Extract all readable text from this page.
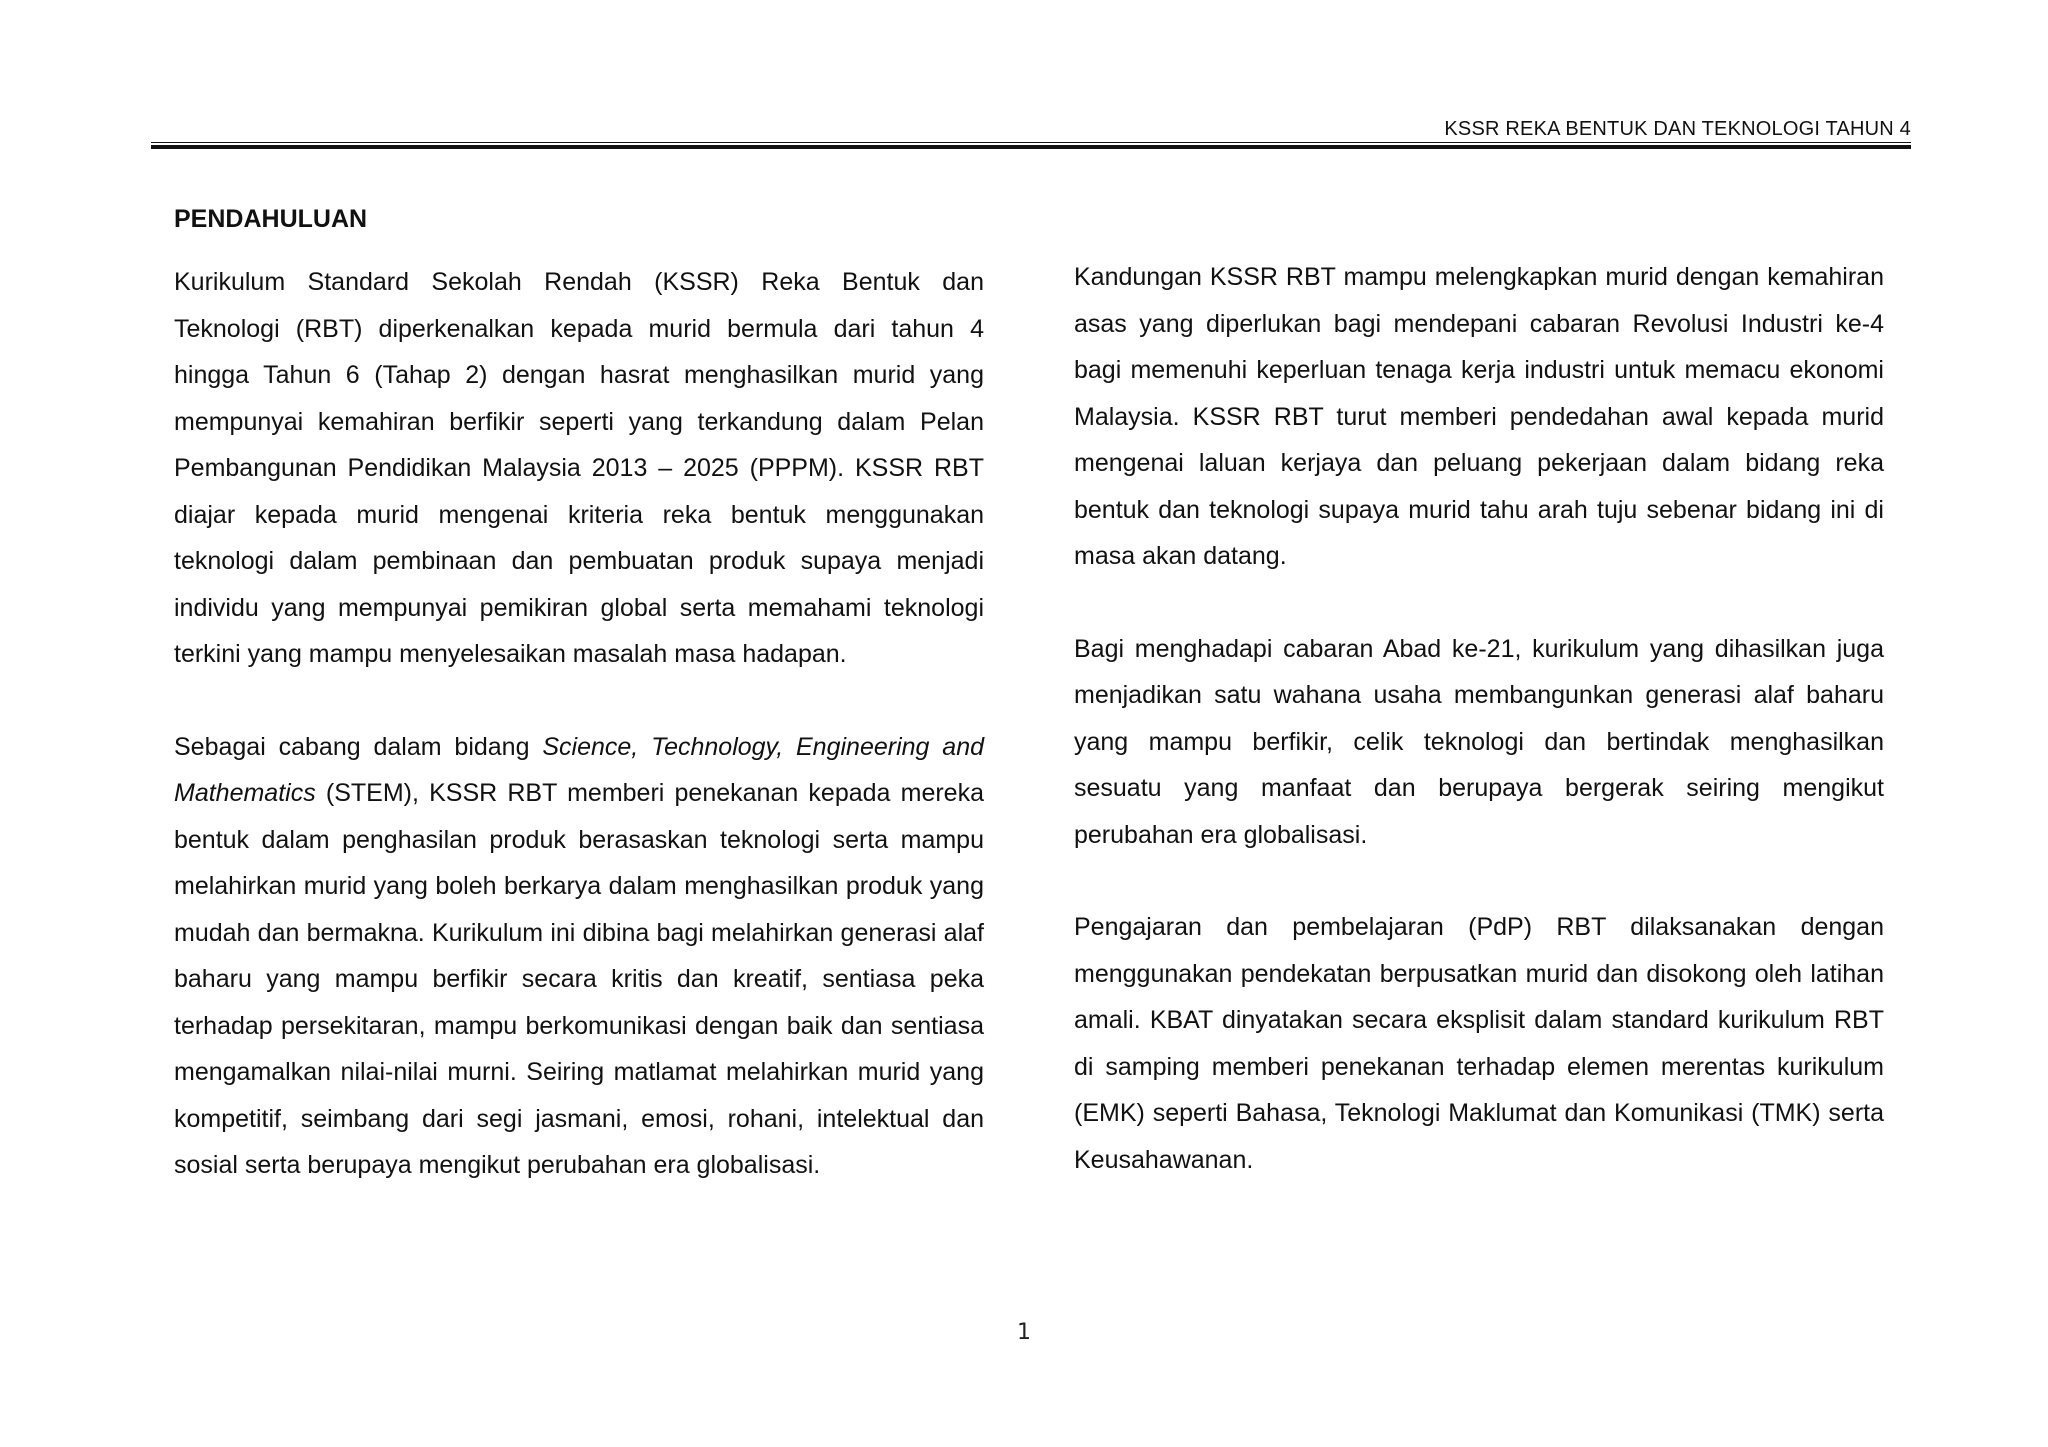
KSSR REKA BENTUK DAN TEKNOLOGI TAHUN 4
PENDAHULUAN

Kurikulum Standard Sekolah Rendah (KSSR) Reka Bentuk dan Teknologi (RBT) diperkenalkan kepada murid bermula dari tahun 4 hingga Tahun 6 (Tahap 2) dengan hasrat menghasilkan murid yang mempunyai kemahiran berfikir seperti yang terkandung dalam Pelan Pembangunan Pendidikan Malaysia 2013 – 2025 (PPPM). KSSR RBT diajar kepada murid mengenai kriteria reka bentuk menggunakan teknologi dalam pembinaan dan pembuatan produk supaya menjadi individu yang mempunyai pemikiran global serta memahami teknologi terkini yang mampu menyelesaikan masalah masa hadapan.

Sebagai cabang dalam bidang Science, Technology, Engineering and Mathematics (STEM), KSSR RBT memberi penekanan kepada mereka bentuk dalam penghasilan produk berasaskan teknologi serta mampu melahirkan murid yang boleh berkarya dalam menghasilkan produk yang mudah dan bermakna. Kurikulum ini dibina bagi melahirkan generasi alaf baharu yang mampu berfikir secara kritis dan kreatif, sentiasa peka terhadap persekitaran, mampu berkomunikasi dengan baik dan sentiasa mengamalkan nilai-nilai murni. Seiring matlamat melahirkan murid yang kompetitif, seimbang dari segi jasmani, emosi, rohani, intelektual dan sosial serta berupaya mengikut perubahan era globalisasi.

Kandungan KSSR RBT mampu melengkapkan murid dengan kemahiran asas yang diperlukan bagi mendepani cabaran Revolusi Industri ke-4 bagi memenuhi keperluan tenaga kerja industri untuk memacu ekonomi Malaysia. KSSR RBT turut memberi pendedahan awal kepada murid mengenai laluan kerjaya dan peluang pekerjaan dalam bidang reka bentuk dan teknologi supaya murid tahu arah tuju sebenar bidang ini di masa akan datang.

Bagi menghadapi cabaran Abad ke-21, kurikulum yang dihasilkan juga menjadikan satu wahana usaha membangunkan generasi alaf baharu yang mampu berfikir, celik teknologi dan bertindak menghasilkan sesuatu yang manfaat dan berupaya bergerak seiring mengikut perubahan era globalisasi.

Pengajaran dan pembelajaran (PdP) RBT dilaksanakan dengan menggunakan pendekatan berpusatkan murid dan disokong oleh latihan amali. KBAT dinyatakan secara eksplisit dalam standard kurikulum RBT di samping memberi penekanan terhadap elemen merentas kurikulum (EMK) seperti Bahasa, Teknologi Maklumat dan Komunikasi (TMK) serta Keusahawanan.

1
